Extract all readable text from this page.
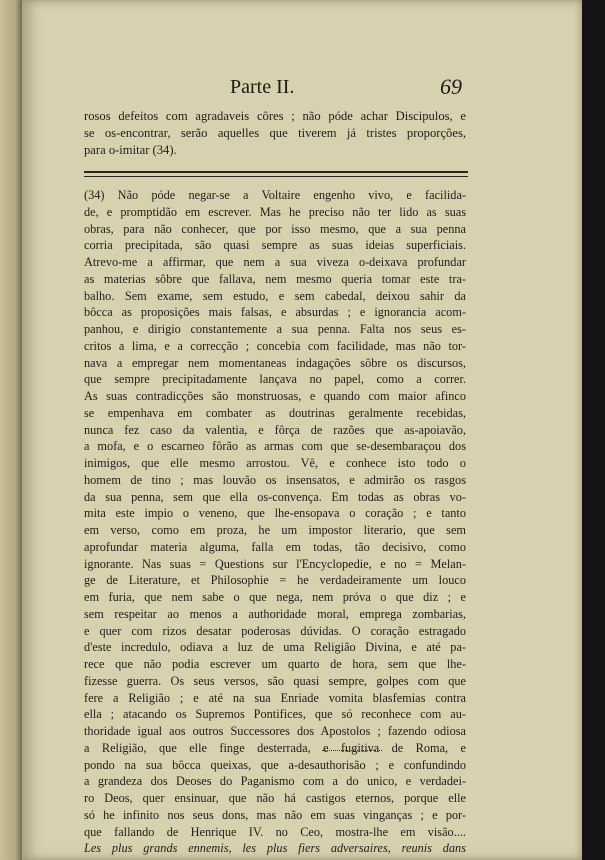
Parte II.	69
rosos defeitos com agradaveis côres ; não póde achar Discipulos, e
se os-encontrar, serão aquelles que tiverem já tristes proporções,
para o-imitar (34).
(34) Não póde negar-se a Voltaire engenho vivo, e facilida-
de, e promptidão em escrever. Mas he preciso não ter lido as suas
obras, para não conhecer, que por isso mesmo, que a sua penna
corria precipitada, são quasi sempre as suas ideias superficiais.
Atrevo-me a affirmar, que nem a sua viveza o-deixava profundar
as materias sôbre que fallava, nem mesmo queria tomar este tra-
balho. Sem exame, sem estudo, e sem cabedal, deixou sahir da
bôcca as proposições mais falsas, e absurdas ; e ignorancia acom-
panhou, e dirigio constantemente a sua penna. Falta nos seus es-
critos a lima, e a correcção ; concebia com facilidade, mas não tor-
nava a empregar nem momentaneas indagações sôbre os discursos,
que sempre precipitadamente lançava no papel, como a correr.
As suas contradicções são monstruosas, e quando com maior afinco
se empenhava em combater as doutrinas geralmente recebidas,
nunca fez caso da valentia, e fôrça de razões que as-apoiavão,
a mofa, e o escarneo fôrão as armas com que se-desembaraçou dos
inimigos, que elle mesmo arrostou. Vê, e conhece isto todo o
homem de tino ; mas louvão os insensatos, e admirão os rasgos
da sua penna, sem que ella os-convença. Em todas as obras vo-
mita este impio o veneno, que lhe-ensopava o coração ; e tanto
em verso, como em proza, he um impostor literario, que sem
aprofundar materia alguma, falla em todas, tão decisivo, como
ignorante. Nas suas = Questions sur l'Encyclopedie, e no = Melan-
ge de Literature, et Philosophie = he verdadeiramente um louco
em furia, que nem sabe o que nega, nem próva o que diz ; e
sem respeitar ao menos a authoridade moral, emprega zombarias,
e quer com rizos desatar poderosas dúvidas. O coração estragado
d'este incredulo, odiava a luz de uma Religião Divina, e até pa-
rece que não podia escrever um quarto de hora, sem que lhe-
fizesse guerra. Os seus versos, são quasi sempre, golpes com que
fere a Religião ; e até na sua Enriade vomita blasfemias contra
ella ; atacando os Supremos Pontifices, que só reconhece com au-
thoridade igual aos outros Successores dos Apostolos ; fazendo odiosa
a Religião, que elle finge desterrada, e fugitiva de Roma, e
pondo na sua bôcca queixas, que a-desauthorisão ; e confundindo
a grandeza dos Deoses do Paganismo com a do unico, e verdadei-
ro Deos, quer ensinuar, que não há castigos eternos, porque elle
só he infinito nos seus dons, mas não em suas vinganças ; e por-
que fallando de Henrique IV. no Ceo, mostra-lhe em visão....
Les plus grands ennemis, les plus fiers adversaires, reunis dans
